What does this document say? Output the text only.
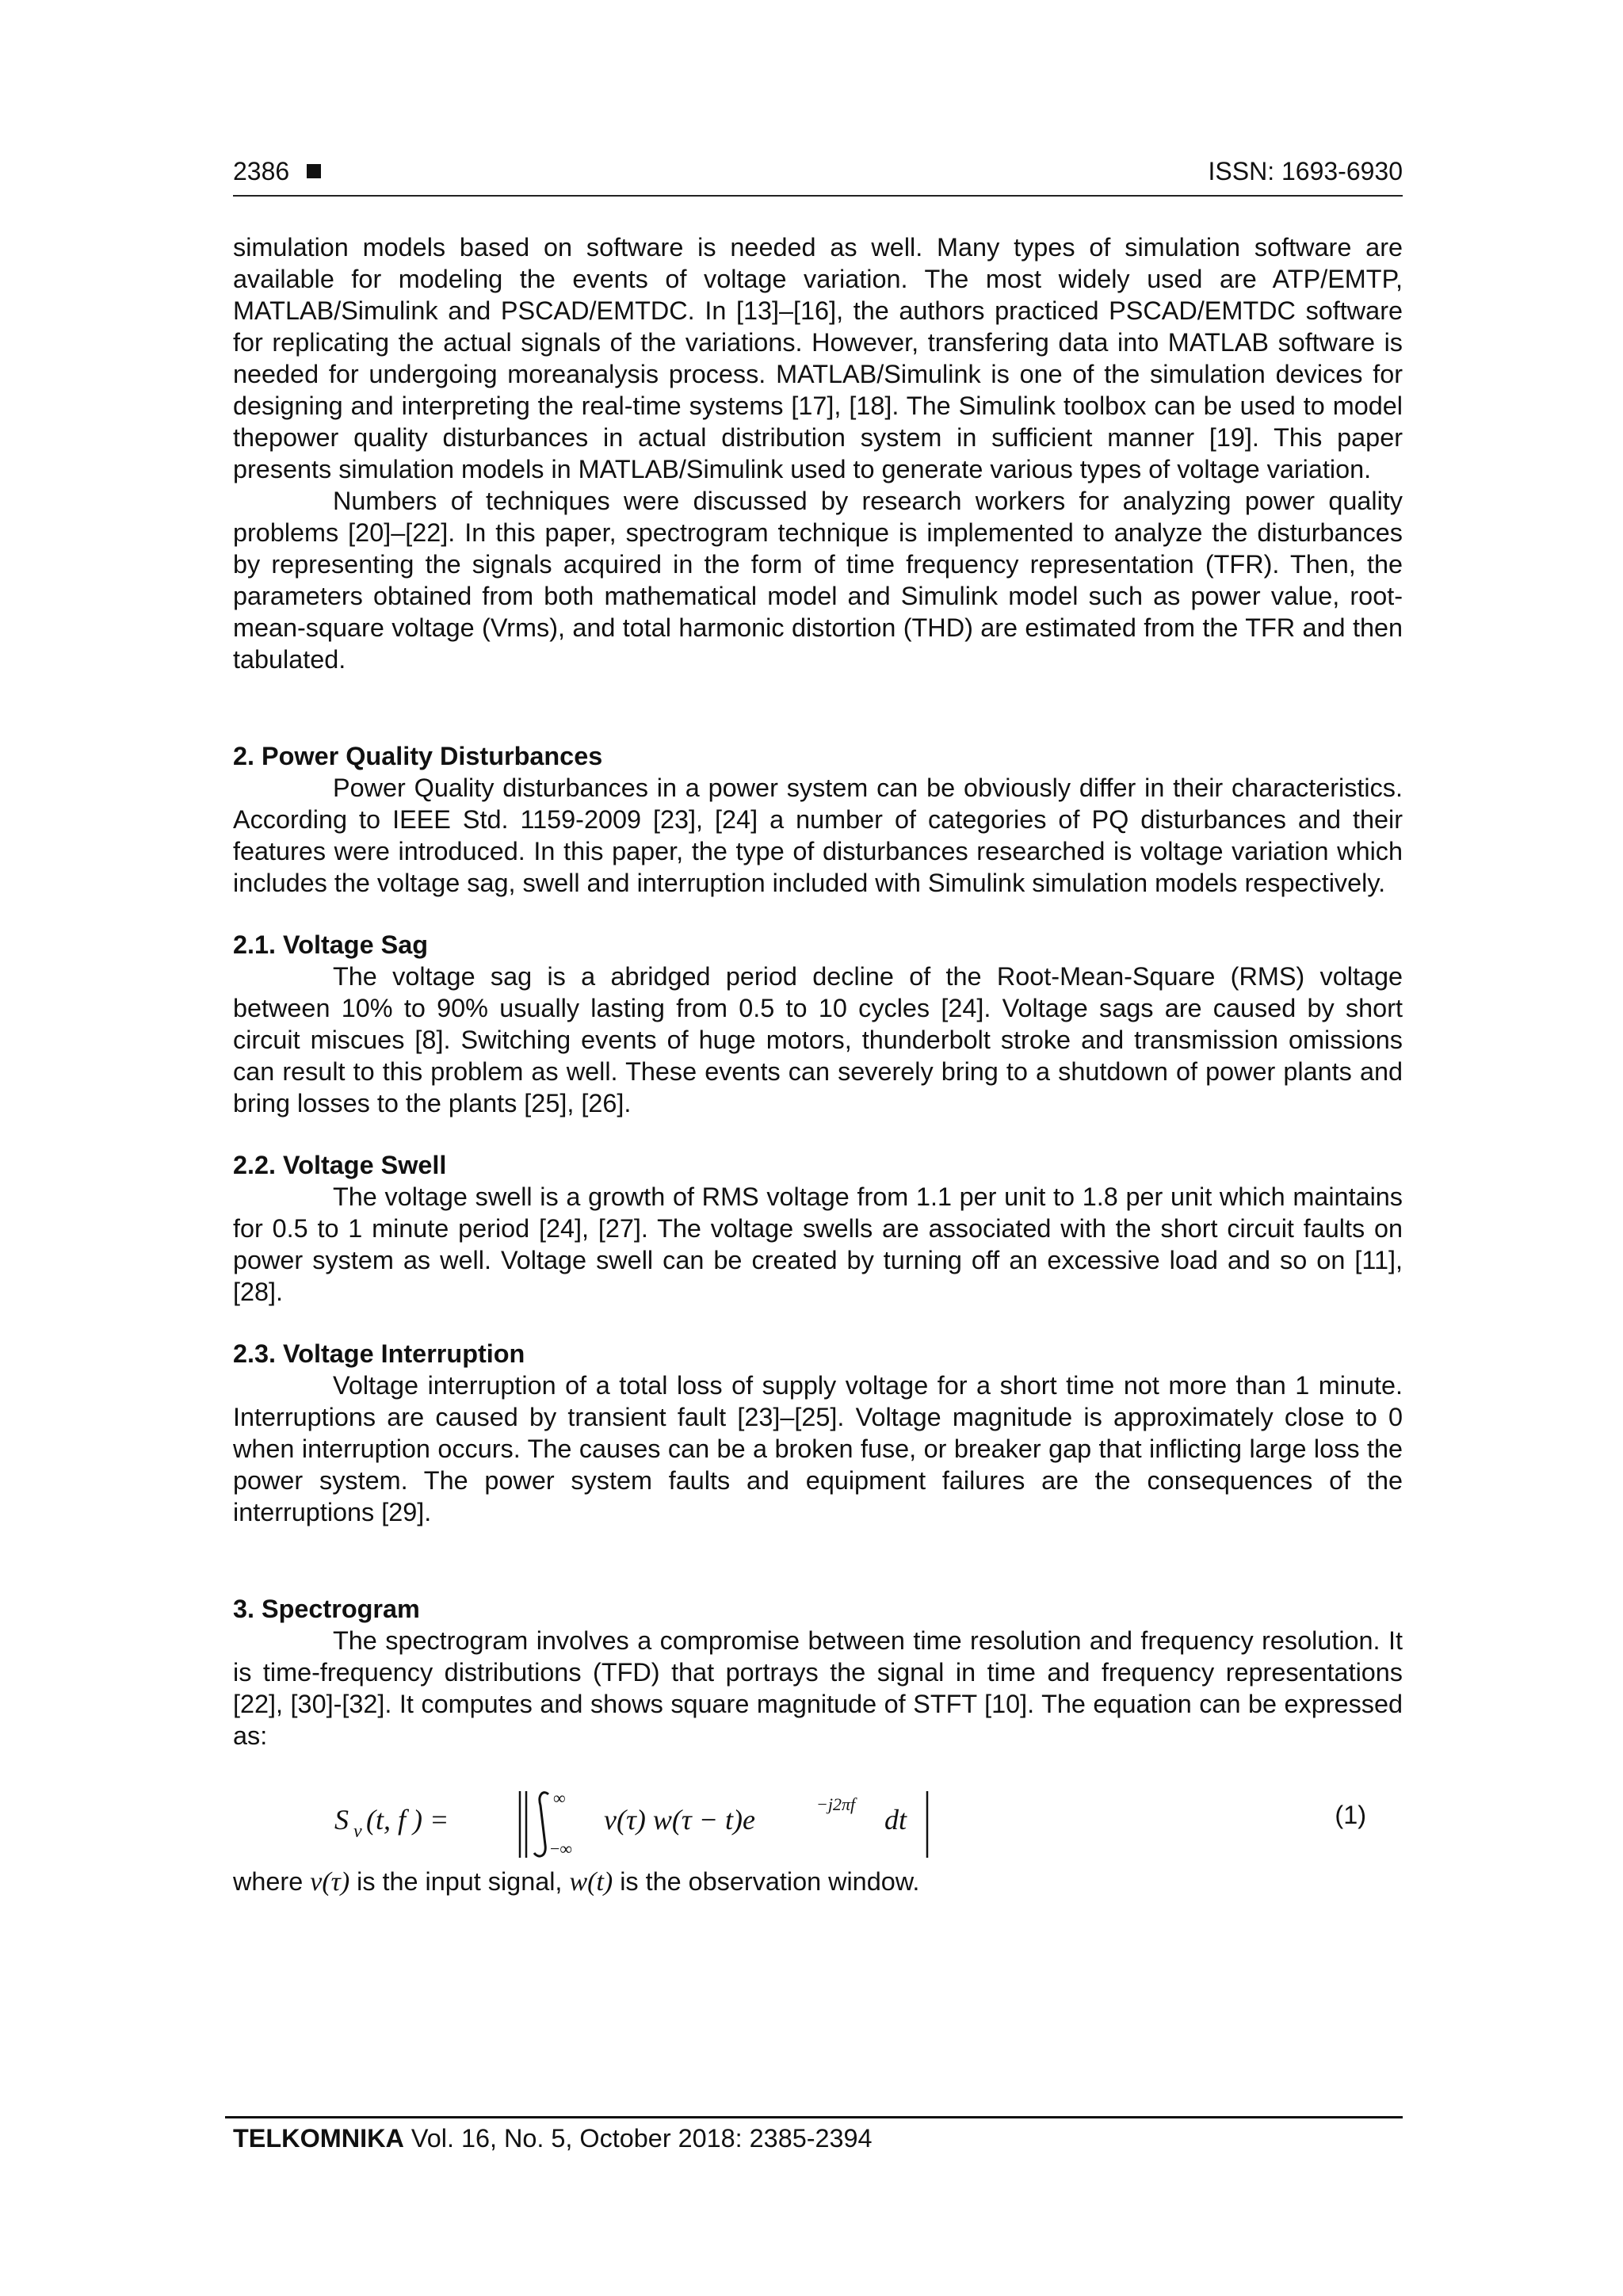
2386	ISSN: 1693-6930

simulation models based on software is needed as well. Many types of simulation software are available for modeling the events of voltage variation. The most widely used are ATP/EMTP, MATLAB/Simulink and PSCAD/EMTDC. In [13]–[16], the authors practiced PSCAD/EMTDC software for replicating the actual signals of the variations. However, transfering data into MATLAB software is needed for undergoing moreanalysis process. MATLAB/Simulink is one of the simulation devices for designing and interpreting the real-time systems [17], [18]. The Simulink toolbox can be used to model thepower quality disturbances in actual distribution system in sufficient manner [19]. This paper presents simulation models in MATLAB/Simulink used to generate various types of voltage variation.

Numbers of techniques were discussed by research workers for analyzing power quality problems [20]–[22]. In this paper, spectrogram technique is implemented to analyze the disturbances by representing the signals acquired in the form of time frequency representation (TFR). Then, the parameters obtained from both mathematical model and Simulink model such as power value, root-mean-square voltage (Vrms), and total harmonic distortion (THD) are estimated from the TFR and then tabulated.

2. Power Quality Disturbances

Power Quality disturbances in a power system can be obviously differ in their characteristics. According to IEEE Std. 1159-2009 [23], [24] a number of categories of PQ disturbances and their features were introduced. In this paper, the type of disturbances researched is voltage variation which includes the voltage sag, swell and interruption included with Simulink simulation models respectively.

2.1. Voltage Sag

The voltage sag is a abridged period decline of the Root-Mean-Square (RMS) voltage between 10% to 90% usually lasting from 0.5 to 10 cycles [24]. Voltage sags are caused by short circuit miscues [8]. Switching events of huge motors, thunderbolt stroke and transmission omissions can result to this problem as well. These events can severely bring to a shutdown of power plants and bring losses to the plants [25], [26].

2.2. Voltage Swell

The voltage swell is a growth of RMS voltage from 1.1 per unit to 1.8 per unit which maintains for 0.5 to 1 minute period [24], [27]. The voltage swells are associated with the short circuit faults on power system as well. Voltage swell can be created by turning off an excessive load and so on [11], [28].

2.3. Voltage Interruption

Voltage interruption of a total loss of supply voltage for a short time not more than 1 minute. Interruptions are caused by transient fault [23]–[25]. Voltage magnitude is approximately close to 0 when interruption occurs. The causes can be a broken fuse, or breaker gap that inflicting large loss the power system. The power system faults and equipment failures are the consequences of the interruptions [29].

3. Spectrogram

The spectrogram involves a compromise between time resolution and frequency resolution. It is time-frequency distributions (TFD) that portrays the signal in time and frequency representations [22], [30]-[32]. It computes and shows square magnitude of STFT [10]. The equation can be expressed as:

S v (t, f ) =
∞
−∞
v(τ) w(τ − t)e	−j2πf dt	(1)

where v(τ) is the input signal, w(t) is the observation window.

TELKOMNIKA Vol. 16, No. 5, October 2018: 2385-2394
